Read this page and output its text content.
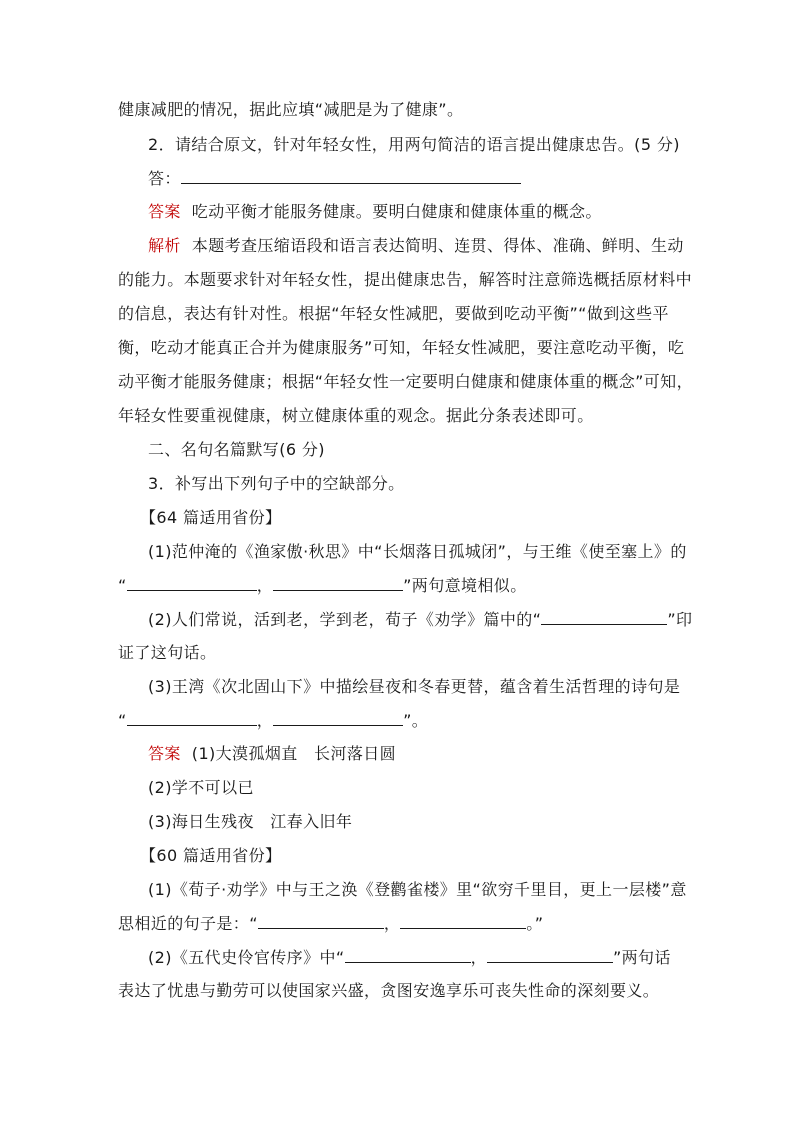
健康减肥的情况，据此应填“减肥是为了健康”。
2．请结合原文，针对年轻女性，用两句简洁的语言提出健康忠告。(5 分)
答：
答案 吃动平衡才能服务健康。要明白健康和健康体重的概念。
解析 本题考查压缩语段和语言表达简明、连贯、得体、准确、鲜明、生动
的能力。本题要求针对年轻女性，提出健康忠告，解答时注意筛选概括原材料中
的信息，表达有针对性。根据“年轻女性减肥，要做到吃动平衡”“做到这些平
衡，吃动才能真正合并为健康服务”可知，年轻女性减肥，要注意吃动平衡，吃
动平衡才能服务健康；根据“年轻女性一定要明白健康和健康体重的概念”可知，
年轻女性要重视健康，树立健康体重的观念。据此分条表述即可。
二、名句名篇默写(6 分)
3．补写出下列句子中的空缺部分。
【64 篇适用省份】
(1)范仲淹的《渔家傲·秋思》中“长烟落日孤城闭”，与王维《使至塞上》的
“	，	”两句意境相似。
(2)人们常说，活到老，学到老，荀子《劝学》篇中的“	”印
证了这句话。
(3)王湾《次北固山下》中描绘昼夜和冬春更替，蕴含着生活哲理的诗句是
“	，	”。
答案 (1)大漠孤烟直　长河落日圆
(2)学不可以已
(3)海日生残夜　江春入旧年
【60 篇适用省份】
(1)《荀子·劝学》中与王之涣《登鹳雀楼》里“欲穷千里目，更上一层楼”意
思相近的句子是：“	，	。”
(2)《五代史伶官传序》中“	，	”两句话
表达了忧患与勤劳可以使国家兴盛，贪图安逸享乐可丧失性命的深刻要义。
